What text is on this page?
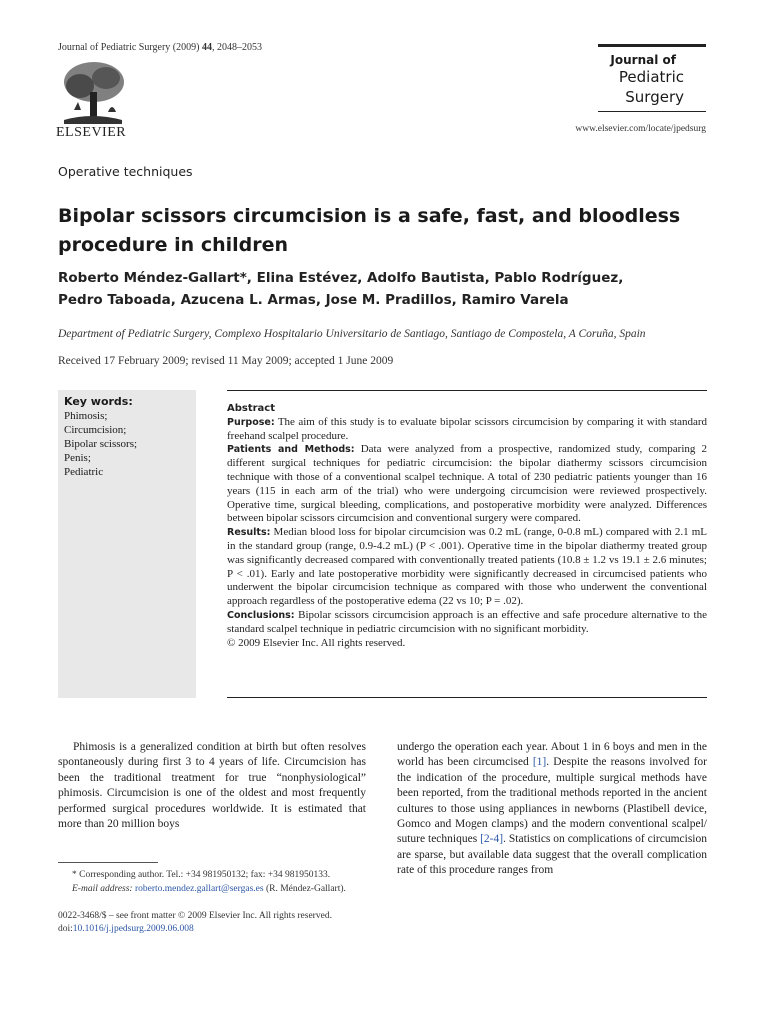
Journal of Pediatric Surgery (2009) 44, 2048–2053
ELSEVIER
Journal of
Pediatric
Surgery
www.elsevier.com/locate/jpedsurg
Operative techniques
Bipolar scissors circumcision is a safe, fast, and bloodless procedure in children
Roberto Méndez-Gallart*, Elina Estévez, Adolfo Bautista, Pablo Rodríguez,
Pedro Taboada, Azucena L. Armas, Jose M. Pradillos, Ramiro Varela
Department of Pediatric Surgery, Complexo Hospitalario Universitario de Santiago, Santiago de Compostela, A Coruña, Spain
Received 17 February 2009; revised 11 May 2009; accepted 1 June 2009
Key words:
Phimosis;
Circumcision;
Bipolar scissors;
Penis;
Pediatric
Abstract

Purpose: The aim of this study is to evaluate bipolar scissors circumcision by comparing it with standard freehand scalpel procedure.

Patients and Methods: Data were analyzed from a prospective, randomized study, comparing 2 different surgical techniques for pediatric circumcision: the bipolar diathermy scissors circumcision technique with those of a conventional scalpel technique. A total of 230 pediatric patients younger than 16 years (115 in each arm of the trial) who were undergoing circumcision were reviewed prospectively. Operative time, surgical bleeding, complications, and postoperative morbidity were analyzed. Differences between bipolar scissors circumcision and conventional surgery were compared.

Results: Median blood loss for bipolar circumcision was 0.2 mL (range, 0-0.8 mL) compared with 2.1 mL in the standard group (range, 0.9-4.2 mL) (P < .001). Operative time in the bipolar diathermy treated group was significantly decreased compared with conventionally treated patients (10.8 ± 1.2 vs 19.1 ± 2.6 minutes; P < .01). Early and late postoperative morbidity were significantly decreased in circumcised patients who underwent the bipolar circumcision technique as compared with those who underwent the conventional approach regardless of the postoperative edema (22 vs 10; P = .02).

Conclusions: Bipolar scissors circumcision approach is an effective and safe procedure alternative to the standard scalpel technique in pediatric circumcision with no significant morbidity.

© 2009 Elsevier Inc. All rights reserved.

Phimosis is a generalized condition at birth but often resolves spontaneously during first 3 to 4 years of life. Circumcision has been the traditional treatment for true “nonphysiological” phimosis. Circumcision is one of the oldest and most frequently performed surgical procedures worldwide. It is estimated that more than 20 million boys
undergo the operation each year. About 1 in 6 boys and men in the world has been circumcised [1]. Despite the reasons involved for the indication of the procedure, multiple surgical methods have been reported, from the traditional methods reported in the ancient cultures to those using appliances in newborns (Plastibell device, Gomco and Mogen clamps) and the modern conventional scalpel/ suture techniques [2-4]. Statistics on complications of circumcision are sparse, but available data suggest that the overall complication rate of this procedure ranges from
* Corresponding author. Tel.: +34 981950132; fax: +34 981950133.
E-mail address: roberto.mendez.gallart@sergas.es (R. Méndez-Gallart).
0022-3468/$ – see front matter © 2009 Elsevier Inc. All rights reserved.
doi:10.1016/j.jpedsurg.2009.06.008
